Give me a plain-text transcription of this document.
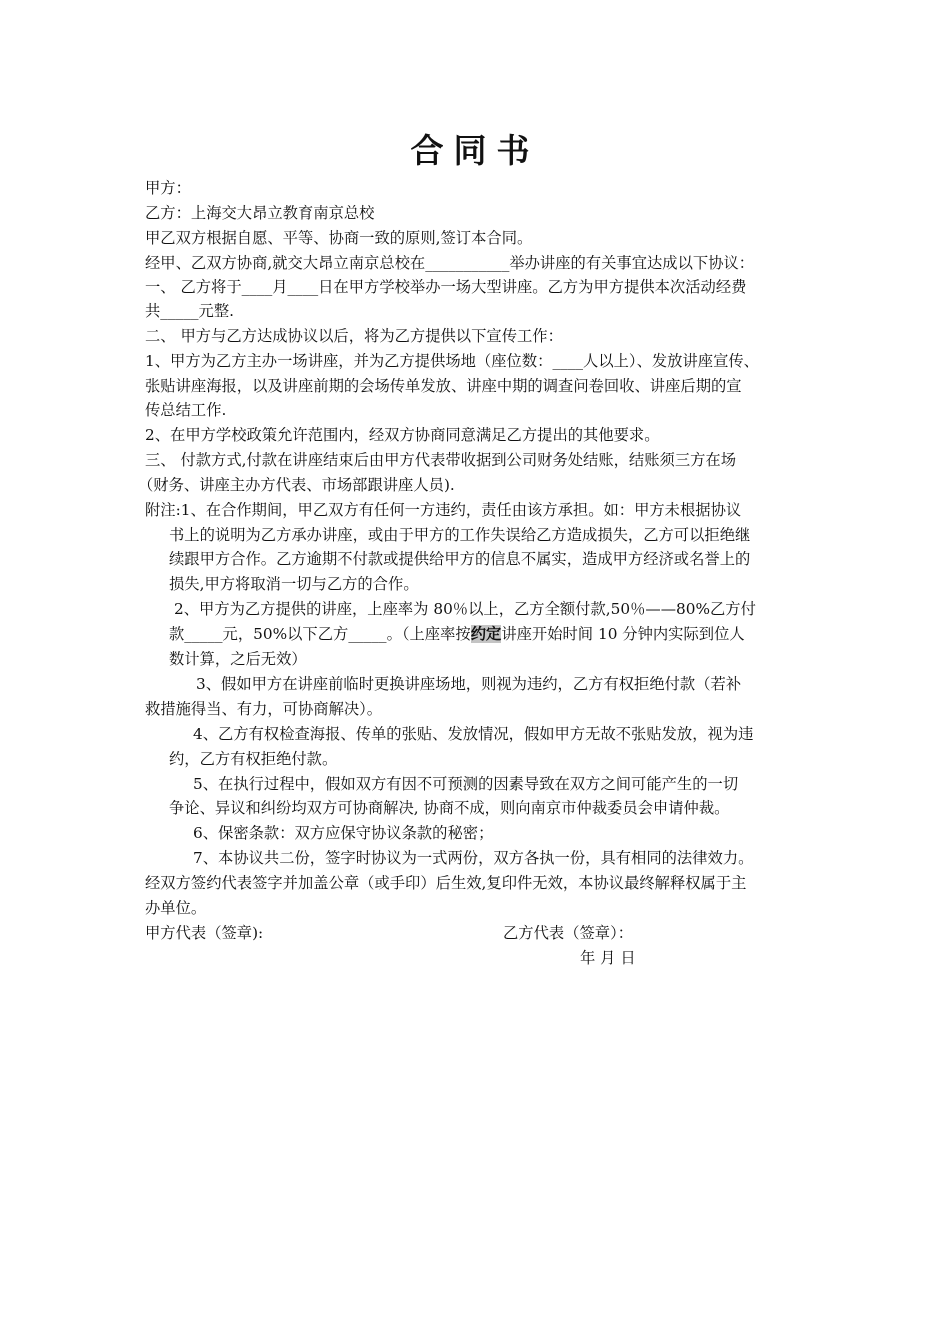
合同书
甲方：
乙方：上海交大昂立教育南京总校
甲乙双方根据自愿、平等、协商一致的原则,签订本合同。
经甲、乙双方协商,就交大昂立南京总校在___________举办讲座的有关事宜达成以下协议：
一、 乙方将于____月____日在甲方学校举办一场大型讲座。乙方为甲方提供本次活动经费
共_____元整.
二、 甲方与乙方达成协议以后，将为乙方提供以下宣传工作：
1、甲方为乙方主办一场讲座，并为乙方提供场地（座位数：____人以上）、发放讲座宣传、
张贴讲座海报，以及讲座前期的会场传单发放、讲座中期的调查问卷回收、讲座后期的宣
传总结工作.
2、在甲方学校政策允许范围内，经双方协商同意满足乙方提出的其他要求。
三、 付款方式,付款在讲座结束后由甲方代表带收据到公司财务处结账，结账须三方在场
（财务、讲座主办方代表、市场部跟讲座人员).
附注:1、在合作期间，甲乙双方有任何一方违约，责任由该方承担。如：甲方未根据协议
书上的说明为乙方承办讲座，或由于甲方的工作失误给乙方造成损失，乙方可以拒绝继
续跟甲方合作。乙方逾期不付款或提供给甲方的信息不属实，造成甲方经济或名誉上的
损失,甲方将取消一切与乙方的合作。
2、甲方为乙方提供的讲座，上座率为 80％以上，乙方全额付款,50％——80%乙方付
款_____元，50%以下乙方_____。（上座率按约定讲座开始时间 10 分钟内实际到位人
数计算，之后无效）
3、假如甲方在讲座前临时更换讲座场地，则视为违约，乙方有权拒绝付款（若补
救措施得当、有力，可协商解决）。
4、乙方有权检查海报、传单的张贴、发放情况，假如甲方无故不张贴发放，视为违
约，乙方有权拒绝付款。
5、在执行过程中，假如双方有因不可预测的因素导致在双方之间可能产生的一切
争论、异议和纠纷均双方可协商解决, 协商不成，则向南京市仲裁委员会申请仲裁。
6、保密条款：双方应保守协议条款的秘密；
7、本协议共二份，签字时协议为一式两份，双方各执一份，具有相同的法律效力。
经双方签约代表签字并加盖公章（或手印）后生效,复印件无效，本协议最终解释权属于主
办单位。
甲方代表（签章):	乙方代表（签章）：
年 月 日
